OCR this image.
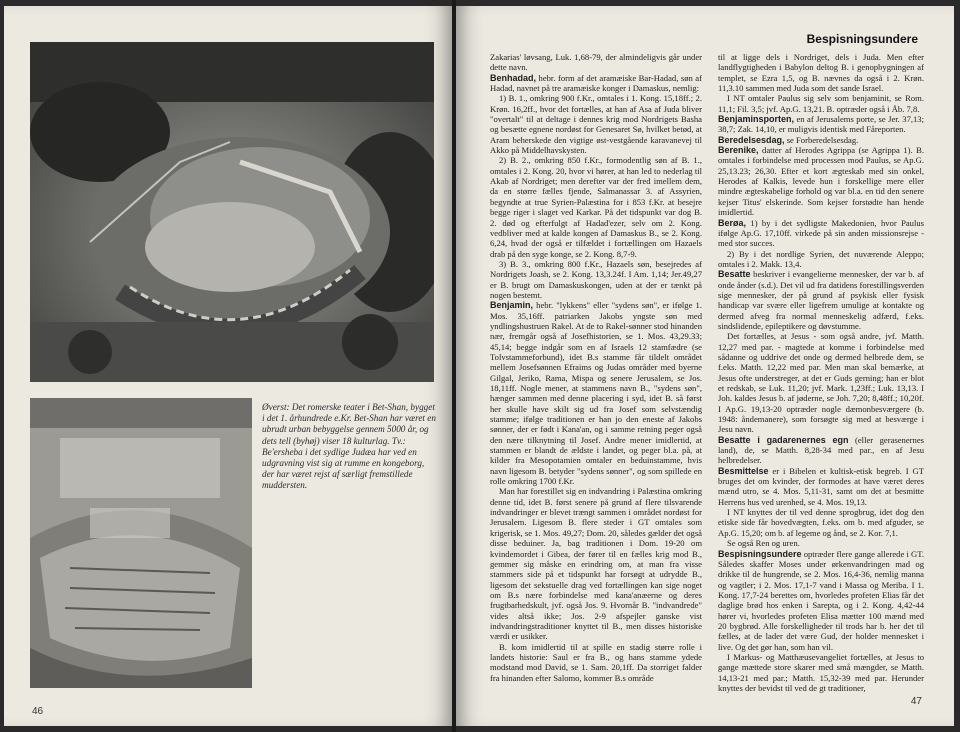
Øverst: Det romerske teater i Bet-Shan, bygget i det 1. århundrede e.Kr. Bet-Shan har været en ubrudt urban bebyggelse gennem 5000 år, og dets tell (byhøj) viser 18 kulturlag. Tv.: Be'ersheba i det sydlige Judæa har ved en udgravning vist sig at rumme en kongeborg, der har været rejst af særligt fremstillede muddersten.
46
Bespisningsundere

Zakarias' løvsang, Luk. 1,68-79, der almindeligvis går under dette navn.

Benhadad, hebr. form af det aramæiske Bar-Hadad, søn af Hadad, navnet på tre aramæiske konger i Damaskus, nemlig:

1) B. 1., omkring 900 f.Kr., omtales i 1. Kong. 15,18ff.; 2. Krøn. 16,2ff., hvor det fortælles, at han af Asa af Juda bliver "overtalt" til at deltage i dennes krig mod Nordrigets Basha og besætte egnene nordøst for Genesaret Sø, hvilket betød, at Aram beherskede den vigtige øst-vestgående karavanevej til Akko på Middelhavskysten.

2) B. 2., omkring 850 f.Kr., formodentlig søn af B. 1., omtales i 2. Kong. 20, hvor vi hører, at han led to nederlag til Akab af Nordriget; men derefter var der fred imellem dem, da en større fælles fjende, Salmanassar 3. af Assyrien, begyndte at true Syrien-Palæstina for i 853 f.Kr. at besejre begge riger i slaget ved Karkar. På det tidspunkt var dog B. 2. død og efterfulgt af Hadad'ezer, selv om 2. Kong. vedbliver med at kalde kongen af Damaskus B., se 2. Kong. 6,24, hvad der også er tilfældet i fortællingen om Hazaels drab på den syge konge, se 2. Kong. 8,7-9.

3) B. 3., omkring 800 f.Kr., Hazaels søn, besejredes af Nordrigets Joash, se 2. Kong. 13,3.24f. I Am. 1,14; Jer.49,27 er B. brugt om Damaskuskongen, uden at der er tænkt på nogen bestemt.

Benjamin, hebr. "lykkens" eller "sydens søn", er ifølge 1. Mos. 35,16ff. patriarken Jakobs yngste søn med yndlingshustruen Rakel. At de to Rakel-sønner stod hinanden nær, fremgår også af Josefhistorien, se 1. Mos. 43,29.33; 45,14; begge indgår som en af Israels 12 stamfædre (se Tolvstammeforbund), idet B.s stamme får tildelt området mellem Josefsønnen Efraims og Judas områder med byerne Gilgal, Jeriko, Rama, Mispa og senere Jerusalem, se Jos. 18,11ff. Nogle mener, at stammens navn B., "sydens søn", hænger sammen med denne placering i syd, idet B. så først her skulle have skilt sig ud fra Josef som selvstændig stamme; ifølge traditionen er han jo den eneste af Jakobs sønner, der er født i Kana'an, og i samme retning peger også den nære tilknytning til Josef. Andre mener imidlertid, at stammen er blandt de ældste i landet, og peger bl.a. på, at kilder fra Mesopotamien omtaler en beduinstamme, hvis navn ligesom B. betyder "sydens sønner", og som spillede en rolle omkring 1700 f.Kr.

Man har forestillet sig en indvandring i Palæstina omkring denne tid, idet B. først senere på grund af flere tilsvarende indvandringer er blevet trængt sammen i området nordøst for Jerusalem. Ligesom B. flere steder i GT omtales som krigerisk, se 1. Mos. 49,27; Dom. 20, således gælder det også disse beduiner. Ja, bag traditionen i Dom. 19-20 om kvindemordet i Gibea, der fører til en fælles krig mod B., gemmer sig måske en erindring om, at man fra visse stammers side på et tidspunkt har forsøgt at udrydde B., ligesom det sekstuelle drag ved fortællingen kan sige noget om B.s nære forbindelse med kana'anæerne og deres frugtbarhedskult, jvf. også Jos. 9. Hvornår B. "indvandrede" vides altså ikke; Jos. 2-9 afspejler ganske vist indvandringstraditioner knyttet til B., men disses historiske værdi er usikker.

B. kom imidlertid til at spille en stadig større rolle i landets historie: Saul er fra B., og hans stamme ydede modstand mod David, se 1. Sam. 20,1ff. Da storriget falder fra hinanden efter Salomo, kommer B.s område

til at ligge dels i Nordriget, dels i Juda. Men efter landflygtigheden i Babylon deltog B. i genopbygningen af templet, se Ezra 1,5, og B. nævnes da også i 2. Krøn. 11,3.10 sammen med Juda som det sande Israel.

I NT omtaler Paulus sig selv som benjaminit, se Rom. 11,1; Fil. 3,5; jvf. Ap.G. 13,21. B. optræder også i Åb. 7,8.

Benjaminsporten, en af Jerusalems porte, se Jer. 37,13; 38,7; Zak. 14,10, er muligvis identisk med Fåreporten.

Beredelsesdag, se Forberedelsesdag.

Berenike, datter af Herodes Agrippa (se Agrippa 1). B. omtales i forbindelse med processen mod Paulus, se Ap.G. 25,13.23; 26,30. Efter et kort ægteskab med sin onkel, Herodes af Kalkis, levede hun i forskellige mere eller mindre ægteskabelige forhold og var bl.a. en tid den senere kejser Titus' elskerinde. Som kejser forstødte han hende imidlertid.

Berøa, 1) by i det sydligste Makedonien, hvor Paulus ifølge Ap.G. 17,10ff. virkede på sin anden missionsrejse - med stor succes.

2) By i det nordlige Syrien, det nuværende Aleppo; omtales i 2. Makk. 13,4.

Besatte beskriver i evangelierne mennesker, der var b. af onde ånder (s.d.). Det vil ud fra datidens forestillingsverden sige mennesker, der på grund af psykisk eller fysisk handicap var svære eller ligefrem umulige at kontakte og dermed afveg fra normal menneskelig adfærd, f.eks. sindslidende, epileptikere og døvstumme.

Det fortælles, at Jesus - som også andre, jvf. Matth. 12,27 med par. - magtede at komme i forbindelse med sådanne og uddrive det onde og dermed helbrede dem, se f.eks. Matth. 12,22 med par. Men man skal bemærke, at Jesus ofte understreger, at det er Guds gerning; han er blot et redskab, se Luk. 11,20; jvf. Mark. 1,23ff.; Luk. 13,13. I Joh. kaldes Jesus b. af jøderne, se Joh. 7,20; 8,48ff.; 10,20f. I Ap.G. 19,13-20 optræder nogle dæmonbesværgere (b. 1948: åndemanere), som forsøgte sig med at besværge i Jesu navn.

Besatte i gadarenernes egn (eller gerasenernes land), de, se Matth. 8,28-34 med par., en af Jesu helbredelser.

Besmittelse er i Bibelen et kultisk-etisk begreb. I GT bruges det om kvinder, der formodes at have været deres mænd utro, se 4. Mos. 5,11-31, samt om det at besmitte Herrens hus ved urenhed, se 4. Mos. 19,13.

I NT knyttes der til ved denne sprogbrug, idet dog den etiske side får hovedvægten, f.eks. om b. med afguder, se Ap.G. 15,20; om b. af legeme og ånd, se 2. Kor. 7,1.

Se også Ren og uren.

Bespisningsundere optræder flere gange allerede i GT. Således skaffer Moses under ørkenvandringen mad og drikke til de hungrende, se 2. Mos. 16,4-36, nemlig manna og vagtler; i 2. Mos. 17,1-7 vand i Massa og Meriba. I 1. Kong. 17,7-24 berettes om, hvorledes profeten Elias får det daglige brød hos enken i Sarepta, og i 2. Kong. 4,42-44 hører vi, hvorledes profeten Elisa mætter 100 mænd med 20 bygbrød. Alle forskelligheder til trods har b. her det til fælles, at de lader det være Gud, der holder mennesket i live. Og det gør han, som han vil.

I Markus- og Matthæusevangeliet fortælles, at Jesus to gange mættede store skarer med små mængder, se Matth. 14,13-21 med par.; Matth. 15,32-39 med par. Herunder knyttes der bevidst til ved de gt traditioner,

47
